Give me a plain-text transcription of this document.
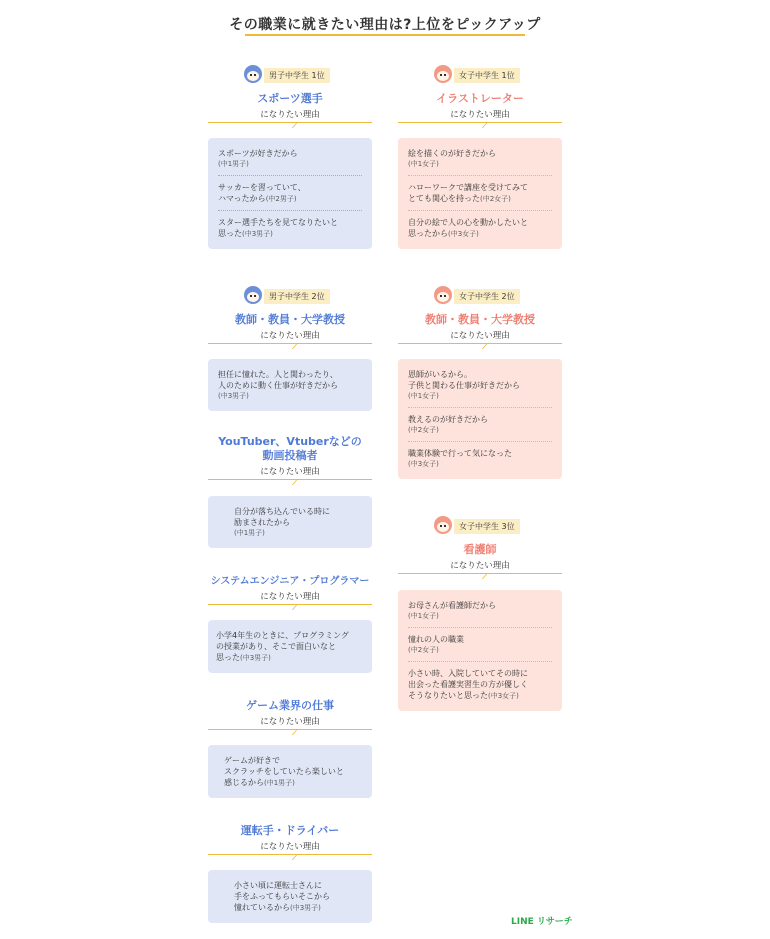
その職業に就きたい理由は?上位をピックアップ
男子中学生 1位
スポーツ選手
になりたい理由
スポーツが好きだから
(中1男子)
サッカーを習っていて、
ハマったから(中2男子)
スター選手たちを見てなりたいと
思った(中3男子)
男子中学生 2位
教師・教員・大学教授
になりたい理由
担任に憧れた。人と関わったり、
人のために動く仕事が好きだから
(中3男子)
YouTuber、Vtuberなどの
動画投稿者
になりたい理由
自分が落ち込んでいる時に
励まされたから
(中1男子)
システムエンジニア・プログラマー
になりたい理由
小学4年生のときに、プログラミング
の授業があり、そこで面白いなと
思った(中3男子)
ゲーム業界の仕事
になりたい理由
ゲームが好きで
スクラッチをしていたら楽しいと
感じるから(中1男子)
運転手・ドライバー
になりたい理由
小さい頃に運転士さんに
手をふってもらいそこから
憧れているから(中3男子)
女子中学生 1位
イラストレーター
になりたい理由
絵を描くのが好きだから
(中1女子)
ハローワークで講座を受けてみて
とても関心を持った(中2女子)
自分の絵で人の心を動かしたいと
思ったから(中3女子)
女子中学生 2位
教師・教員・大学教授
になりたい理由
恩師がいるから。
子供と関わる仕事が好きだから
(中1女子)
教えるのが好きだから
(中2女子)
職業体験で行って気になった
(中3女子)
女子中学生 3位
看護師
になりたい理由
お母さんが看護師だから
(中1女子)
憧れの人の職業
(中2女子)
小さい時、入院していてその時に
出会った看護実習生の方が優しく
そうなりたいと思った(中3女子)
LINE リサーチ
